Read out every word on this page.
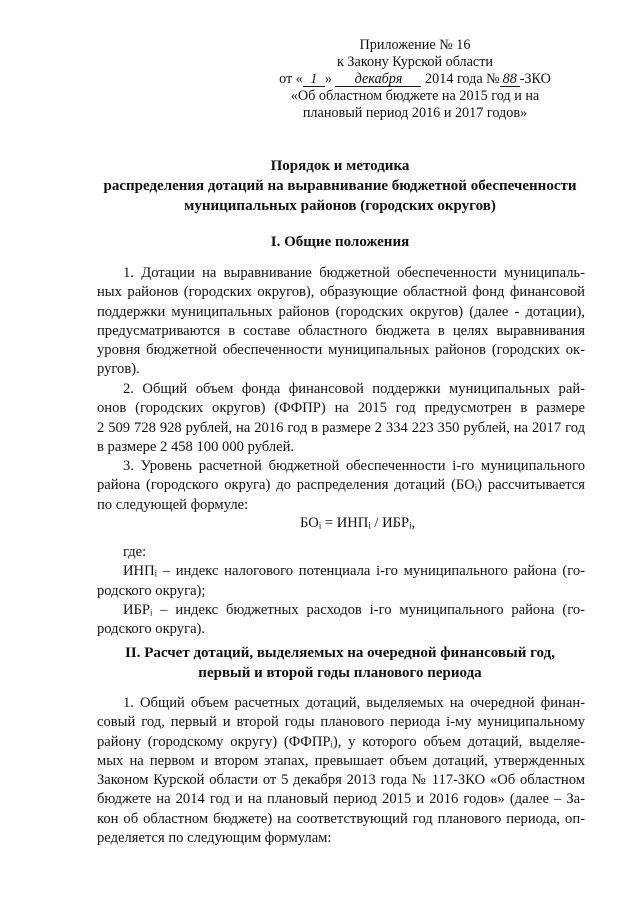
Приложение № 16
к Закону Курской области
от « 1 » декабря 2014 года № 88 -ЗКО
«Об областном бюджете на 2015 год и на
плановый период 2016 и 2017 годов»
Порядок и методика
распределения дотаций на выравнивание бюджетной обеспеченности
муниципальных районов (городских округов)
I. Общие положения
1. Дотации на выравнивание бюджетной обеспеченности муниципаль-
ных районов (городских округов), образующие областной фонд финансовой
поддержки муниципальных районов (городских округов) (далее - дотации),
предусматриваются в составе областного бюджета в целях выравнивания
уровня бюджетной обеспеченности муниципальных районов (городских ок-
ругов).
2. Общий объем фонда финансовой поддержки муниципальных рай-
онов (городских округов) (ФФПР) на 2015 год предусмотрен в размере
2 509 728 928 рублей, на 2016 год в размере 2 334 223 350 рублей, на 2017 год
в размере 2 458 100 000 рублей.
3. Уровень расчетной бюджетной обеспеченности i-го муниципального
района (городского округа) до распределения дотаций (БОᵢ) рассчитывается
по следующей формуле:
БОᵢ = ИНПᵢ / ИБРᵢ,
где:
ИНПᵢ – индекс налогового потенциала i-го муниципального района (го-
родского округа);
ИБРᵢ – индекс бюджетных расходов i-го муниципального района (го-
родского округа).
II. Расчет дотаций, выделяемых на очередной финансовый год,
первый и второй годы планового периода
1. Общий объем расчетных дотаций, выделяемых на очередной финан-
совый год, первый и второй годы планового периода i-му муниципальному
району (городскому округу) (ФФПРᵢ), у которого объем дотаций, выделяе-
мых на первом и втором этапах, превышает объем дотаций, утвержденных
Законом Курской области от 5 декабря 2013 года № 117-ЗКО «Об областном
бюджете на 2014 год и на плановый период 2015 и 2016 годов» (далее – За-
кон об областном бюджете) на соответствующий год планового периода, оп-
ределяется по следующим формулам:
